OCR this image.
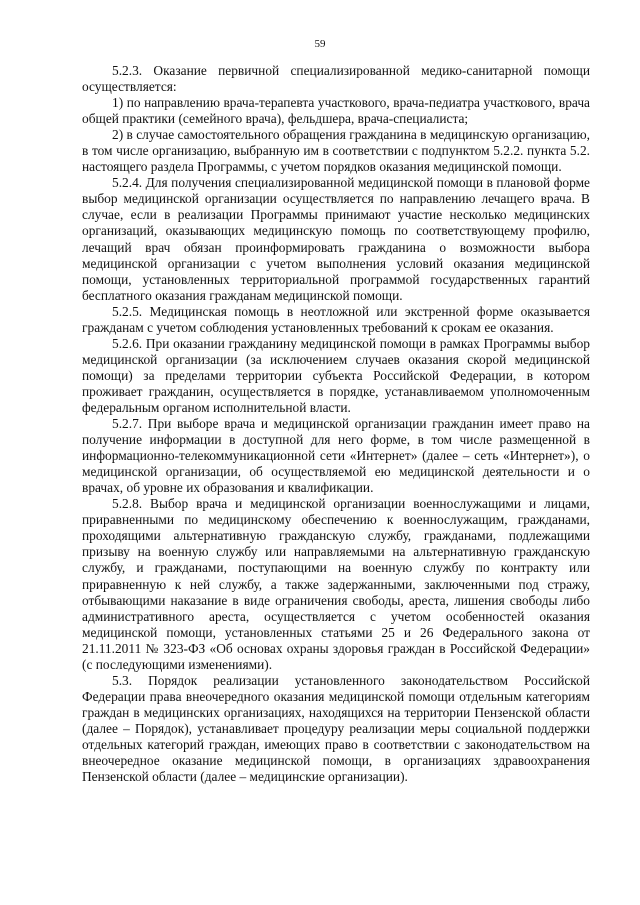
59

5.2.3. Оказание первичной специализированной медико-санитарной помощи осуществляется:

1) по направлению врача-терапевта участкового, врача-педиатра участкового, врача общей практики (семейного врача), фельдшера, врача-специалиста;

2) в случае самостоятельного обращения гражданина в медицинскую организацию, в том числе организацию, выбранную им в соответствии с подпунктом 5.2.2. пункта 5.2. настоящего раздела Программы, с учетом порядков оказания медицинской помощи.

5.2.4. Для получения специализированной медицинской помощи в плановой форме выбор медицинской организации осуществляется по направлению лечащего врача. В случае, если в реализации Программы принимают участие несколько медицинских организаций, оказывающих медицинскую помощь по соответствующему профилю, лечащий врач обязан проинформировать гражданина о возможности выбора медицинской организации с учетом выполнения условий оказания медицинской помощи, установленных территориальной программой государственных гарантий бесплатного оказания гражданам медицинской помощи.

5.2.5. Медицинская помощь в неотложной или экстренной форме оказывается гражданам с учетом соблюдения установленных требований к срокам ее оказания.

5.2.6. При оказании гражданину медицинской помощи в рамках Программы выбор медицинской организации (за исключением случаев оказания скорой медицинской помощи) за пределами территории субъекта Российской Федерации, в котором проживает гражданин, осуществляется в порядке, устанавливаемом уполномоченным федеральным органом исполнительной власти.

5.2.7. При выборе врача и медицинской организации гражданин имеет право на получение информации в доступной для него форме, в том числе размещенной в информационно-телекоммуникационной сети «Интернет» (далее – сеть «Интернет»), о медицинской организации, об осуществляемой ею медицинской деятельности и о врачах, об уровне их образования и квалификации.

5.2.8. Выбор врача и медицинской организации военнослужащими и лицами, приравненными по медицинскому обеспечению к военнослужащим, гражданами, проходящими альтернативную гражданскую службу, гражданами, подлежащими призыву на военную службу или направляемыми на альтернативную гражданскую службу, и гражданами, поступающими на военную службу по контракту или приравненную к ней службу, а также задержанными, заключенными под стражу, отбывающими наказание в виде ограничения свободы, ареста, лишения свободы либо административного ареста, осуществляется с учетом особенностей оказания медицинской помощи, установленных статьями 25 и 26 Федерального закона от 21.11.2011 № 323-ФЗ «Об основах охраны здоровья граждан в Российской Федерации» (с последующими изменениями).

5.3. Порядок реализации установленного законодательством Российской Федерации права внеочередного оказания медицинской помощи отдельным категориям граждан в медицинских организациях, находящихся на территории Пензенской области (далее – Порядок), устанавливает процедуру реализации меры социальной поддержки отдельных категорий граждан, имеющих право в соответствии с законодательством на внеочередное оказание медицинской помощи, в организациях здравоохранения Пензенской области (далее – медицинские организации).
